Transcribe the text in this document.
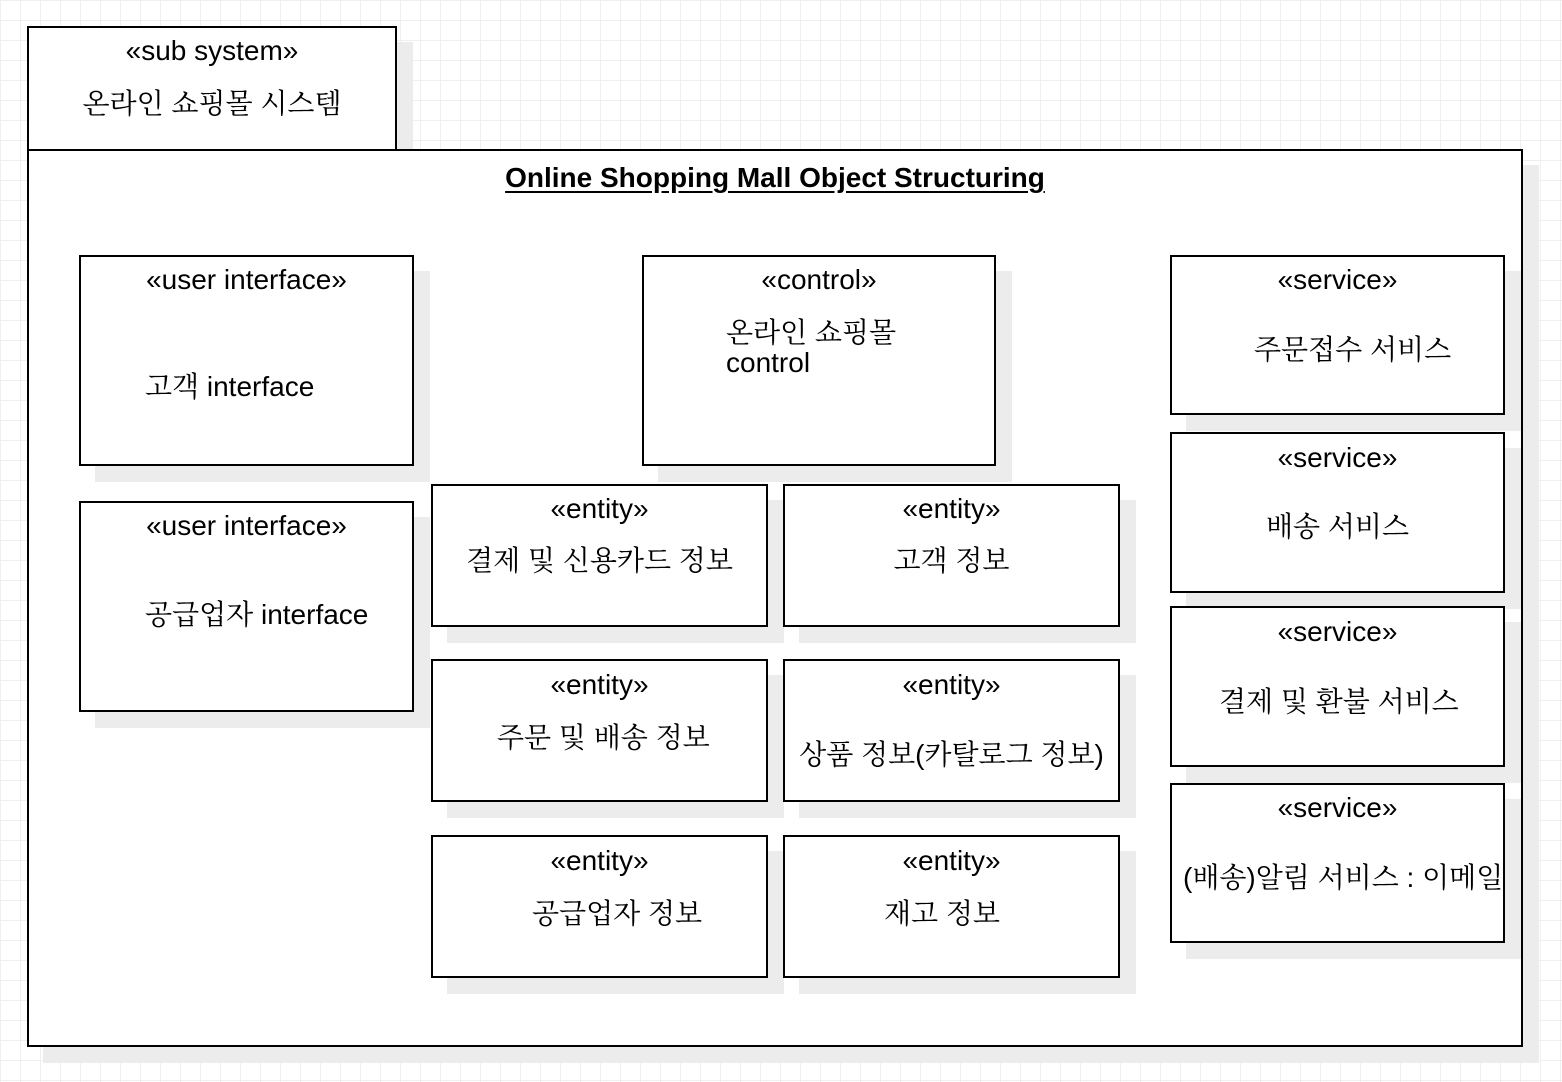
«sub system»
온라인 쇼핑몰 시스템
Online Shopping Mall Object Structuring
«user interface»
고객 interface
«user interface»
공급업자 interface
«control»
온라인 쇼핑몰
control
«entity»
결제 및 신용카드 정보
«entity»
고객 정보
«entity»
주문 및 배송 정보
«entity»
상품 정보(카탈로그 정보)
«entity»
공급업자 정보
«entity»
재고 정보
«service»
주문접수 서비스
«service»
배송 서비스
«service»
결제 및 환불 서비스
«service»
(배송)알림 서비스 : 이메일
